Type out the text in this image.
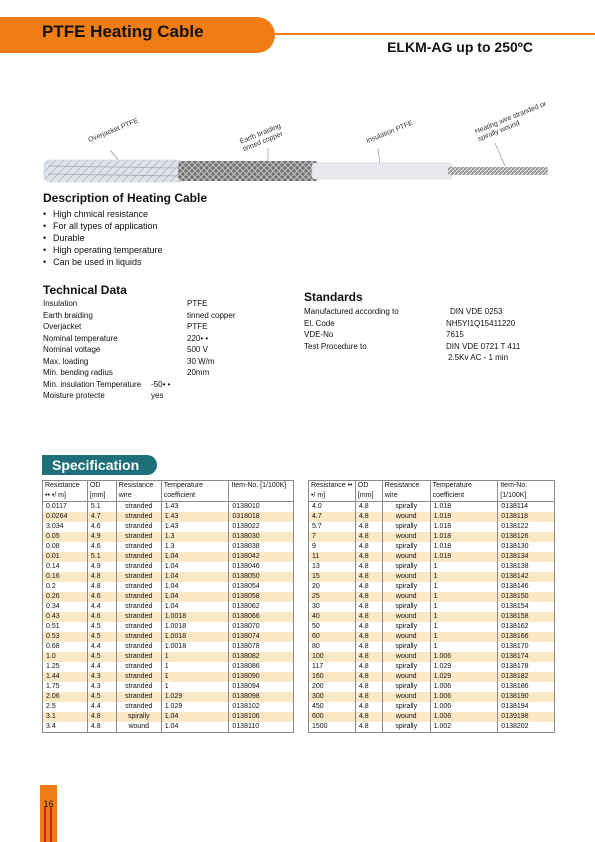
PTFE Heating Cable
ELKM-AG up to 250ºC
Overjacket PTFE	Earth braiding tinned copper	Insulation PTFE	Heating wire stranded or spirally wound
Description of Heating Cable
• High chmical resistance
• For all types of application
• Durable
• High operating temperature
• Can be used in liquids
Technical Data
Insulation	PTFE
Earth braiding	tinned copper
Overjacket	PTFE
Nominal temperature	220• •
Nominal voltage	500 V
Max. loading	30 W/m
Min. bending radius	20mm
Min. insulation Temperature -50• •
Moisture protecte	yes
Standards
Manufactured according to	DIN VDE 0253
El. Code	NH5YI1Q15411220
VDE-No	7615
Test Procedure to	DIN VDE 0721 T 411
2.5Kv AC - 1 min
Specification
Resistance •• •/ m]	OD [mm]	Resistance wire	Temperature coefficient	Item-No. [1/100K]
0.0117	5.1	stranded	1.43	0138010
0.0264	4.7	stranded	1.43	0318018
3.034	4.6	stranded	1.43	0138022
0.05	4.9	stranded	1.3	0138030
0.08	4.6	stranded	1.3	0138038
0.01	5.1	stranded	1.04	0138042
0.14	4.9	stranded	1.04	0138046
0.16	4.8	stranded	1.04	0138050
0.2	4.8	stranded	1.04	0138054
0.26	4.6	stranded	1.04	0138058
0.34	4.4	stranded	1.04	0138062
0.43	4.6	stranded	1.0018	0138066
0.51	4.5	stranded	1.0018	0138070
0.53	4.5	stranded	1.0018	0138074
0.68	4.4	stranded	1.0018	0138078
1.0	4.5	stranded	1	0138082
1.25	4.4	stranded	1	0138086
1.44	4.3	stranded	1	0138090
1.75	4.3	stranded	1	0138094
2.06	4.5	stranded	1.029	0138098
2.5	4.4	stranded	1.029	0138102
3.1	4.8	spirally	1.04	0138106
3.4	4.8	wound	1.04	0138110
Resistance •• •/ m]	OD [mm]	Resistance wire	Temperature coefficient	Item-No. [1/100K]
4.0	4.8	spirally	1.018	0138114
4.7	4.8	wound	1.018	0138118
5.7	4.8	spirally	1.018	0138122
7	4.8	wound	1.018	0138126
9	4.8	spirally	1.018	0138130
11	4.8	wound	1.018	0138134
13	4.8	spirally	1	0138138
15	4.8	wound	1	0138142
20	4.8	spirally	1	0138146
25	4.8	wound	1	0138150
30	4.8	spirally	1	0138154
40	4.8	wound	1	0138158
50	4.8	spirally	1	0138162
60	4.8	wound	1	0138166
80	4.8	spirally	1	0138170
100	4.8	wound	1.006	0138174
117	4.8	spirally	1.029	0138178
160	4.8	wound	1.029	0138182
200	4.8	spirally	1.006	0138186
300	4.8	wound	1.006	0138190
450	4.8	spirally	1.006	0138194
600	4.8	wound	1.006	0139198
1500	4.8	spirally	1.002	0138202
16
